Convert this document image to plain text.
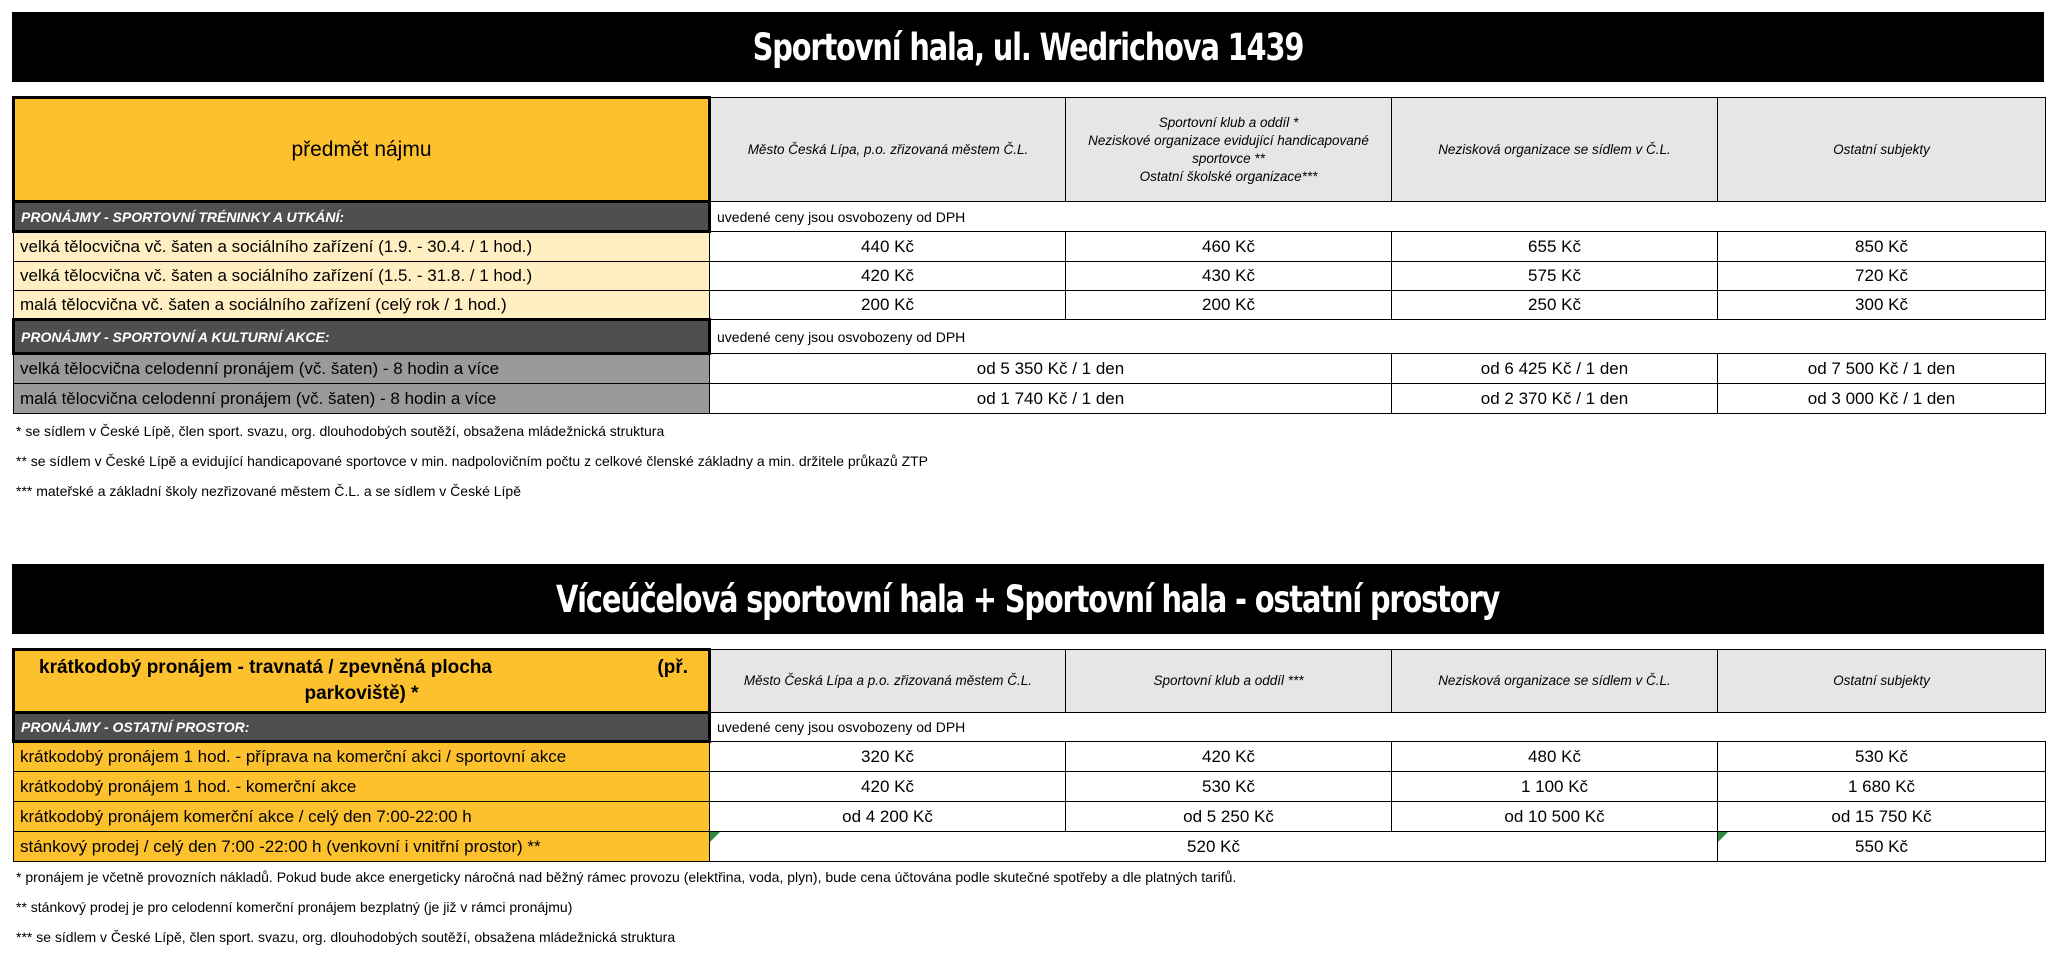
Sportovní hala, ul. Wedrichova 1439
předmět nájmu	Město Česká Lípa, p.o. zřizovaná městem Č.L.	Sportovní klub a oddíl *
Neziskové organizace evidující handicapované sportovce **
Ostatní školské organizace***	Nezisková organizace se sídlem v Č.L.	Ostatní subjekty
PRONÁJMY - SPORTOVNÍ TRÉNINKY A UTKÁNÍ:	uvedené ceny jsou osvobozeny od DPH			
velká tělocvična vč. šaten a sociálního zařízení (1.9. - 30.4. / 1 hod.)	440 Kč	460 Kč	655 Kč	850 Kč
velká tělocvična vč. šaten a sociálního zařízení (1.5. - 31.8. / 1 hod.)	420 Kč	430 Kč	575 Kč	720 Kč
malá tělocvična vč. šaten a sociálního zařízení (celý rok / 1 hod.)	200 Kč	200 Kč	250 Kč	300 Kč
PRONÁJMY - SPORTOVNÍ A KULTURNÍ AKCE:	uvedené ceny jsou osvobozeny od DPH			
velká tělocvična celodenní pronájem (vč. šaten) - 8 hodin a více	od 5 350 Kč / 1 den		od 6 425 Kč / 1 den	od 7 500 Kč / 1 den
malá tělocvična celodenní pronájem (vč. šaten) - 8 hodin a více	od 1 740 Kč / 1 den		od 2 370 Kč / 1 den	od 3 000 Kč / 1 den
* se sídlem v České Lípě, člen sport. svazu, org. dlouhodobých soutěží, obsažena mládežnická struktura
** se sídlem v České Lípě a evidující handicapované sportovce v min. nadpolovičním počtu z celkové členské základny a min. držitele průkazů ZTP
*** mateřské a základní školy nezřizované městem Č.L. a se sídlem v České Lípě
Víceúčelová sportovní hala + Sportovní hala - ostatní prostory
krátkodobý pronájem - travnatá / zpevněná plocha (př.
parkoviště) *	Město Česká Lípa a p.o. zřizovaná městem Č.L.	Sportovní klub a oddíl ***	Nezisková organizace se sídlem v Č.L.	Ostatní subjekty
PRONÁJMY - OSTATNÍ PROSTOR:	uvedené ceny jsou osvobozeny od DPH			
krátkodobý pronájem 1 hod. - příprava na komerční akci / sportovní akce	320 Kč	420 Kč	480 Kč	530 Kč
krátkodobý pronájem 1 hod. - komerční akce	420 Kč	530 Kč	1 100 Kč	1 680 Kč
krátkodobý pronájem komerční akce / celý den 7:00-22:00 h	od 4 200 Kč	od 5 250 Kč	od 10 500 Kč	od 15 750 Kč
stánkový prodej / celý den 7:00 -22:00 h (venkovní i vnitřní prostor) **	520 Kč			550 Kč
* pronájem je včetně provozních nákladů. Pokud bude akce energeticky náročná nad běžný rámec provozu (elektřina, voda, plyn), bude cena účtována podle skutečné spotřeby a dle platných tarifů.
** stánkový prodej je pro celodenní komerční pronájem bezplatný (je již v rámci pronájmu)
*** se sídlem v České Lípě, člen sport. svazu, org. dlouhodobých soutěží, obsažena mládežnická struktura
